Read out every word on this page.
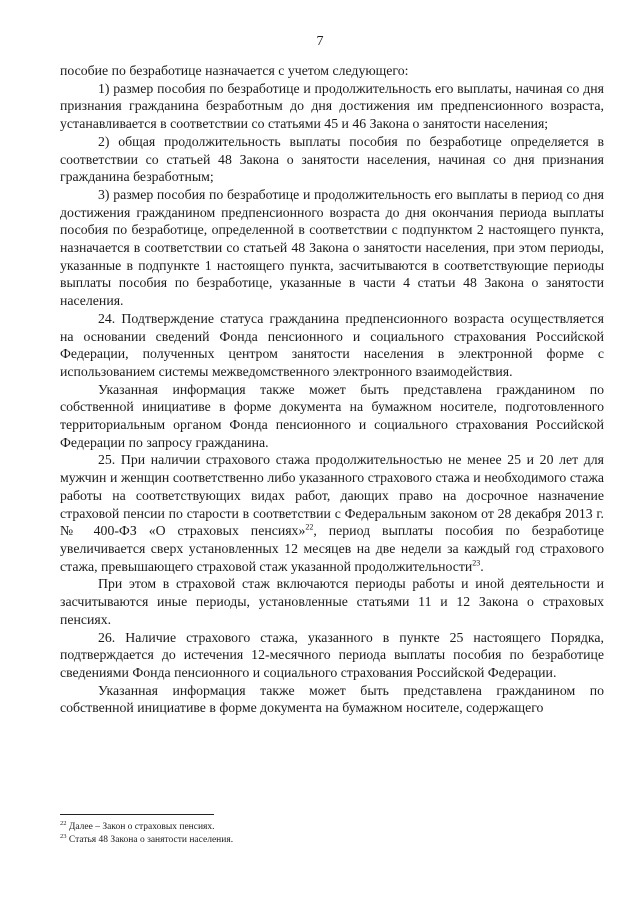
7

пособие по безработице назначается с учетом следующего:

1) размер пособия по безработице и продолжительность его выплаты, начиная со дня признания гражданина безработным до дня достижения им предпенсионного возраста, устанавливается в соответствии со статьями 45 и 46 Закона о занятости населения;

2) общая продолжительность выплаты пособия по безработице определяется в соответствии со статьей 48 Закона о занятости населения, начиная со дня признания гражданина безработным;

3) размер пособия по безработице и продолжительность его выплаты в период со дня достижения гражданином предпенсионного возраста до дня окончания периода выплаты пособия по безработице, определенной в соответствии с подпунктом 2 настоящего пункта, назначается в соответствии со статьей 48 Закона о занятости населения, при этом периоды, указанные в подпункте 1 настоящего пункта, засчитываются в соответствующие периоды выплаты пособия по безработице, указанные в части 4 статьи 48 Закона о занятости населения.

24. Подтверждение статуса гражданина предпенсионного возраста осуществляется на основании сведений Фонда пенсионного и социального страхования Российской Федерации, полученных центром занятости населения в электронной форме с использованием системы межведомственного электронного взаимодействия.

Указанная информация также может быть представлена гражданином по собственной инициативе в форме документа на бумажном носителе, подготовленного территориальным органом Фонда пенсионного и социального страхования Российской Федерации по запросу гражданина.

25. При наличии страхового стажа продолжительностью не менее 25 и 20 лет для мужчин и женщин соответственно либо указанного страхового стажа и необходимого стажа работы на соответствующих видах работ, дающих право на досрочное назначение страховой пенсии по старости в соответствии с Федеральным законом от 28 декабря 2013 г. № 400-ФЗ «О страховых пенсиях»$^{22}$, период выплаты пособия по безработице увеличивается сверх установленных 12 месяцев на две недели за каждый год страхового стажа, превышающего страховой стаж указанной продолжительности$^{23}$.

При этом в страховой стаж включаются периоды работы и иной деятельности и засчитываются иные периоды, установленные статьями 11 и 12 Закона о страховых пенсиях.

26. Наличие страхового стажа, указанного в пункте 25 настоящего Порядка, подтверждается до истечения 12-месячного периода выплаты пособия по безработице сведениями Фонда пенсионного и социального страхования Российской Федерации.

Указанная информация также может быть представлена гражданином по собственной инициативе в форме документа на бумажном носителе, содержащего

$^{22}$ Далее – Закон о страховых пенсиях.

$^{23}$ Статья 48 Закона о занятости населения.
